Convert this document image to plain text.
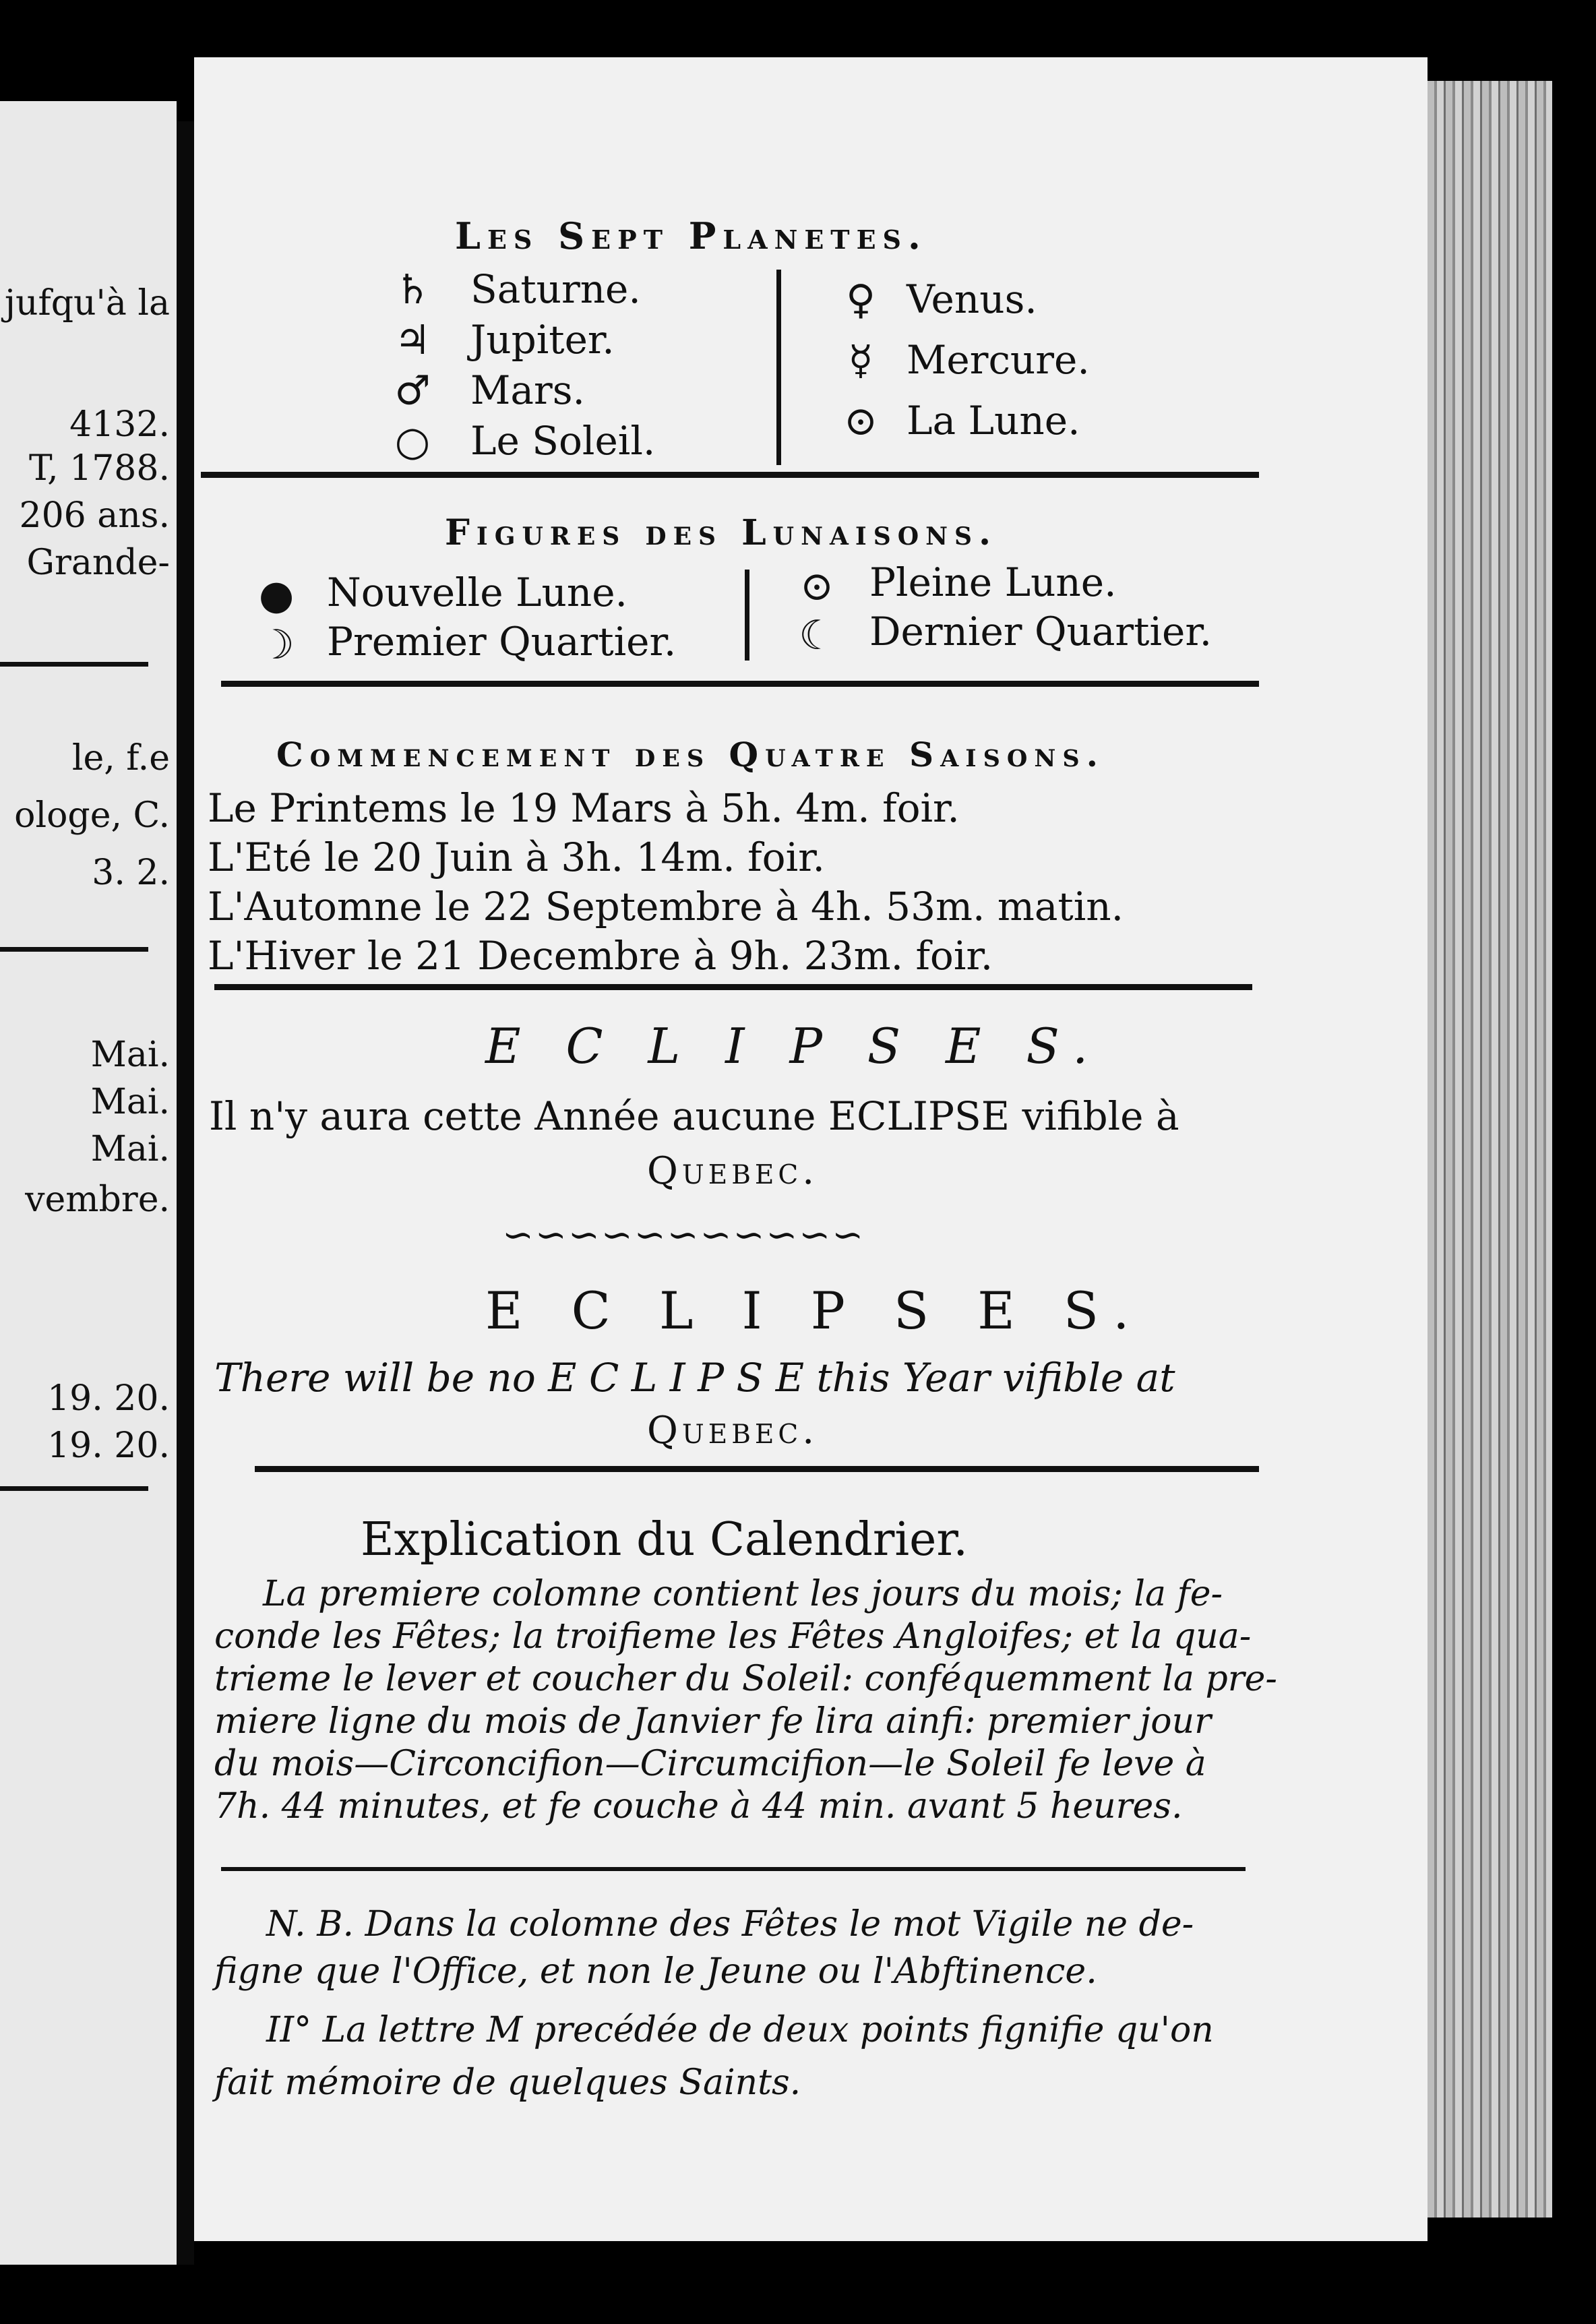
jufqu'à la
4132.
T, 1788.
206 ans.
Grande-
le, f.e
ologe, C.
3. 2.
Mai.
Mai.
Mai.
vembre.
19. 20.
19. 20.
Les Sept Planetes.
♄ Saturne.
♃ Jupiter.
♂ Mars.
○ Le Soleil.
♀ Venus.
☿ Mercure.
⊙ La Lune.
Figures des Lunaisons.
● Nouvelle Lune.
☽ Premier Quartier.
⊙ Pleine Lune.
☾ Dernier Quartier.
Commencement des Quatre Saisons.
Le Printems le 19 Mars à 5h. 4m. foir.
L'Eté le 20 Juin à 3h. 14m. foir.
L'Automne le 22 Septembre à 4h. 53m. matin.
L'Hiver le 21 Decembre à 9h. 23m. foir.
E C L I P S E S.
Il n'y aura cette Année aucune ECLIPSE vifible à
Quebec.
∽∽∽∽∽∽∽∽∽∽∽
E C L I P S E S.
There will be no E C L I P S E this Year vifible at
Quebec.
Explication du Calendrier.
La premiere colomne contient les jours du mois; la fe-
conde les Fêtes; la troifieme les Fêtes Angloifes; et la qua-
trieme le lever et coucher du Soleil: conféquemment la pre-
miere ligne du mois de Janvier fe lira ainfi: premier jour
du mois—Circoncifion—Circumcifion—le Soleil fe leve à
7h. 44 minutes, et fe couche à 44 min. avant 5 heures.
N. B. Dans la colomne des Fêtes le mot Vigile ne de-
figne que l'Office, et non le Jeune ou l'Abftinence.
II° La lettre M precédée de deux points fignifie qu'on
fait mémoire de quelques Saints.
